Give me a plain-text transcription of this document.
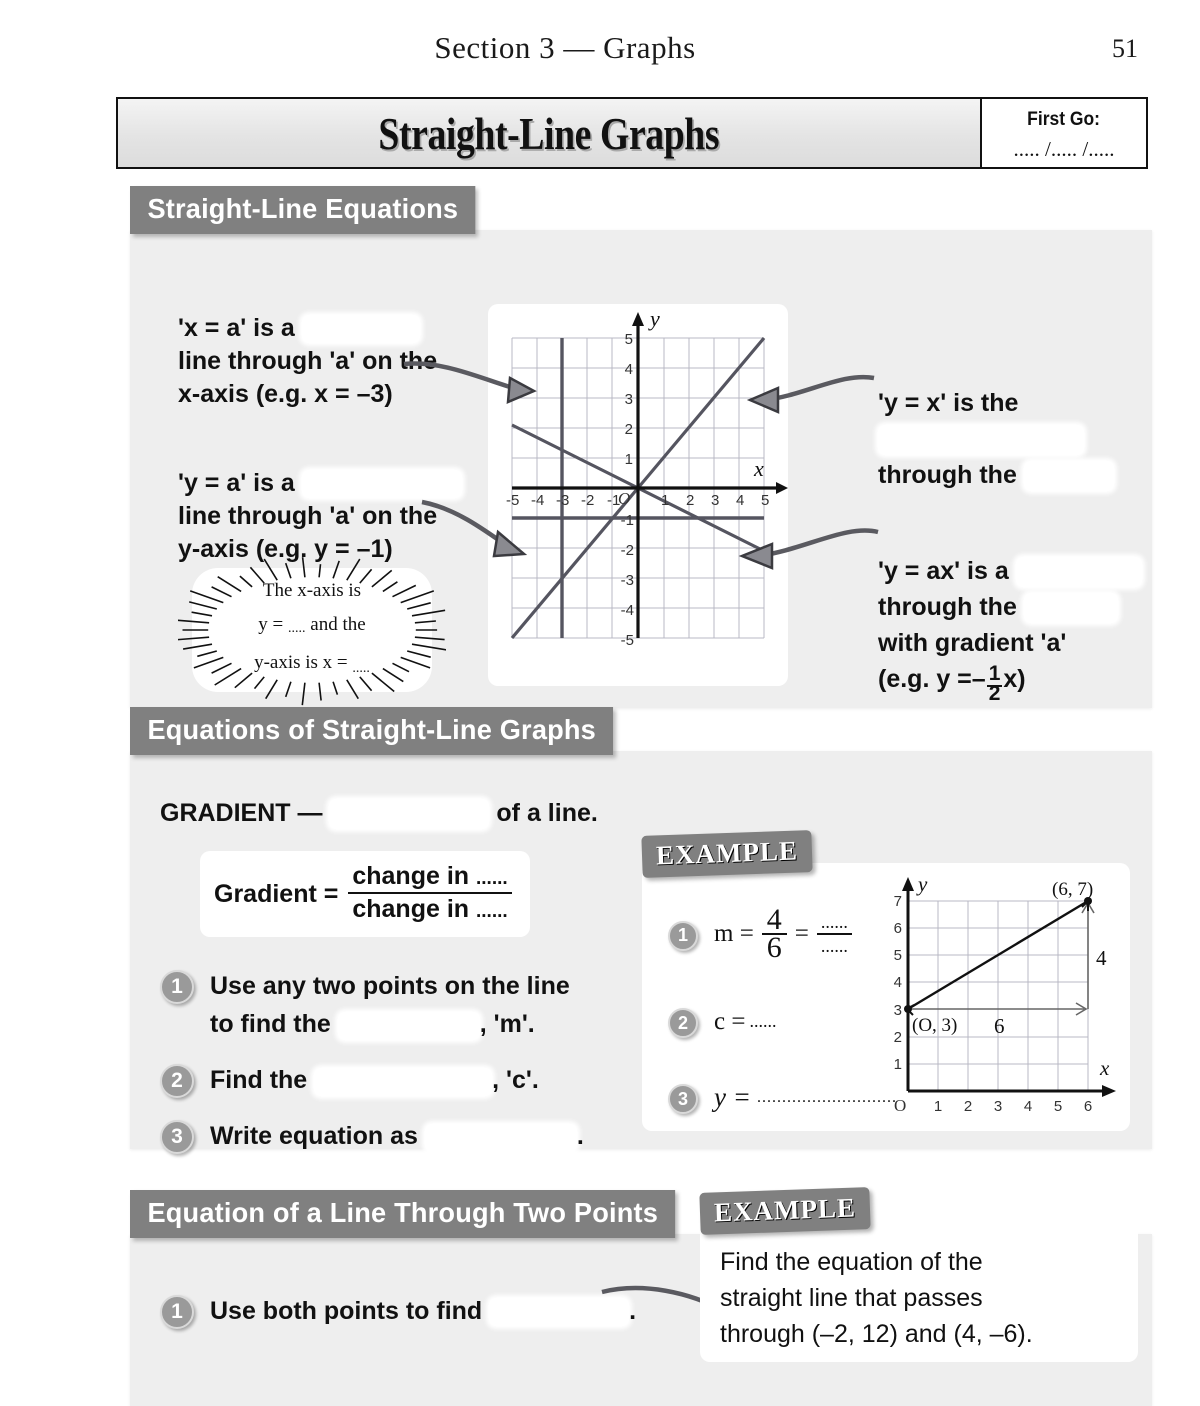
Section 3 — Graphs	51
Straight-Line Graphs	First Go:
..... /..... /.....
Straight-Line Equations
'x = a' is a
line through 'a' on the
x-axis (e.g. x = –3)
'y = a' is a
line through 'a' on the
y-axis (e.g. y = –1)
The x-axis is
y = ..... and the
y-axis is x = $_{.....}$
-5 -4 -3 -2 -1	1 2 3 4 5
5
4
3
2
1
-1
-2
-3
-4
-5
O
y
x
'y = x' is the

through the
'y = ax' is a
through the
with gradient 'a'
(e.g. $y =-\frac{1}{2}x$)
Equations of Straight-Line Graphs
GRADIENT —	of a line.
Gradient = $\frac{\text{change in ......}}{\text{change in ......}}$
1	Use any two points on the line
to find the	, 'm'.
2	Find the	, 'c'.
3	Write equation as	.
EXAMPLE
1	$m = \frac{4}{6}$ = ......
......
2	c = ......
3 y = ............................
1 2 3 4 5 6
1
2
3
4
5
6
7
O
y
x
(O, 3)
(6, 7)
4
6
Equation of a Line Through Two Points
1	Use both points to find	.
EXAMPLE
Find the equation of the
straight line that passes
through (–2, 12) and (4, –6).
